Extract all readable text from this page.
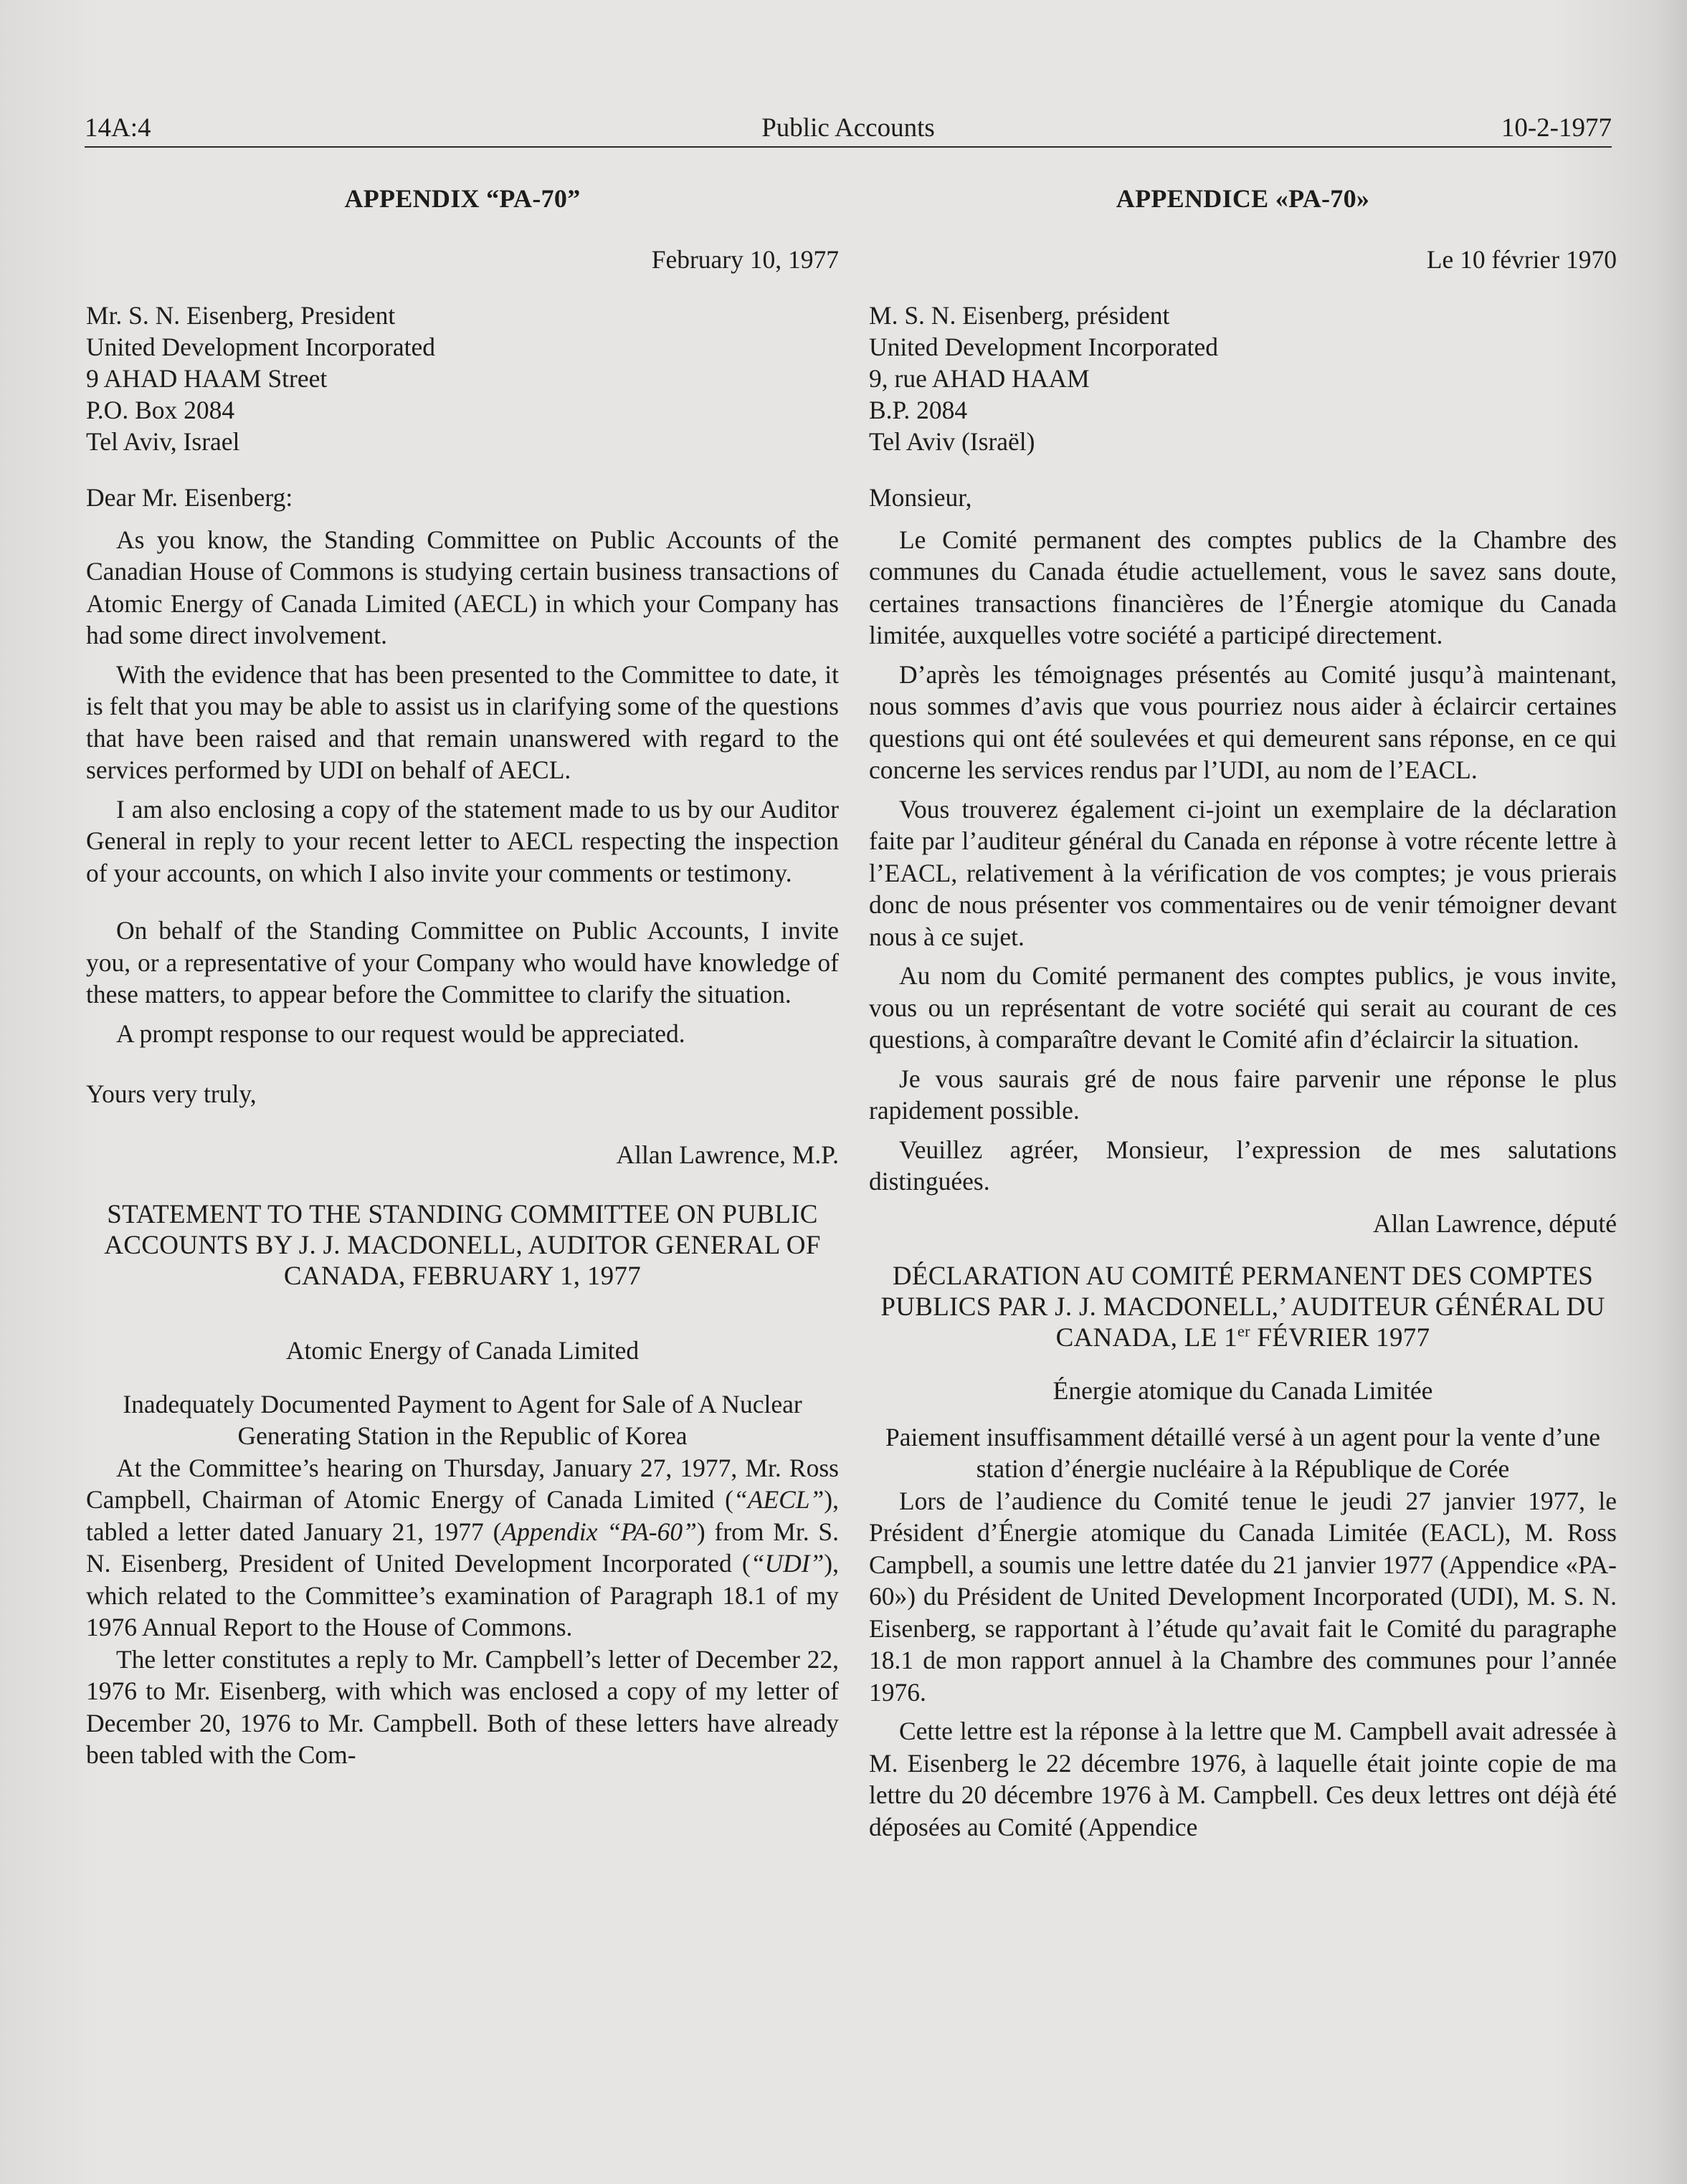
14A:4	Public Accounts	10-2-1977
APPENDIX “PA-70”
February 10, 1977
Mr. S. N. Eisenberg, President
United Development Incorporated
9 AHAD HAAM Street
P.O. Box 2084
Tel Aviv, Israel
Dear Mr. Eisenberg:

As you know, the Standing Committee on Public Accounts of the Canadian House of Commons is studying certain business transactions of Atomic Energy of Canada Limited (AECL) in which your Company has had some direct involvement.

With the evidence that has been presented to the Committee to date, it is felt that you may be able to assist us in clarifying some of the questions that have been raised and that remain unanswered with regard to the services performed by UDI on behalf of AECL.

I am also enclosing a copy of the statement made to us by our Auditor General in reply to your recent letter to AECL respecting the inspection of your accounts, on which I also invite your comments or testimony.

On behalf of the Standing Committee on Public Accounts, I invite you, or a representative of your Company who would have knowledge of these matters, to appear before the Committee to clarify the situation.

A prompt response to our request would be appreciated.

Yours very truly,
Allan Lawrence, M.P.
STATEMENT TO THE STANDING COMMITTEE ON PUBLIC ACCOUNTS BY J. J. MACDONELL, AUDITOR GENERAL OF CANADA, FEBRUARY 1, 1977
Atomic Energy of Canada Limited
Inadequately Documented Payment to Agent for Sale of A Nuclear Generating Station in the Republic of Korea

At the Committee’s hearing on Thursday, January 27, 1977, Mr. Ross Campbell, Chairman of Atomic Energy of Canada Limited (“AECL”), tabled a letter dated January 21, 1977 (Appendix “PA-60”) from Mr. S. N. Eisenberg, President of United Development Incorporated (“UDI”), which related to the Committee’s examination of Paragraph 18.1 of my 1976 Annual Report to the House of Commons.

The letter constitutes a reply to Mr. Campbell’s letter of December 22, 1976 to Mr. Eisenberg, with which was enclosed a copy of my letter of December 20, 1976 to Mr. Campbell. Both of these letters have already been tabled with the Com-

APPENDICE «PA-70»
Le 10 février 1970
M. S. N. Eisenberg, président
United Development Incorporated
9, rue AHAD HAAM
B.P. 2084
Tel Aviv (Israël)
Monsieur,

Le Comité permanent des comptes publics de la Chambre des communes du Canada étudie actuellement, vous le savez sans doute, certaines transactions financières de l’Énergie atomique du Canada limitée, auxquelles votre société a participé directement.

D’après les témoignages présentés au Comité jusqu’à maintenant, nous sommes d’avis que vous pourriez nous aider à éclaircir certaines questions qui ont été soulevées et qui demeurent sans réponse, en ce qui concerne les services rendus par l’UDI, au nom de l’EACL.

Vous trouverez également ci-joint un exemplaire de la déclaration faite par l’auditeur général du Canada en réponse à votre récente lettre à l’EACL, relativement à la vérification de vos comptes; je vous prierais donc de nous présenter vos commentaires ou de venir témoigner devant nous à ce sujet.

Au nom du Comité permanent des comptes publics, je vous invite, vous ou un représentant de votre société qui serait au courant de ces questions, à comparaître devant le Comité afin d’éclaircir la situation.

Je vous saurais gré de nous faire parvenir une réponse le plus rapidement possible.

Veuillez agréer, Monsieur, l’expression de mes salutations distinguées.

Allan Lawrence, député
DÉCLARATION AU COMITÉ PERMANENT DES COMPTES PUBLICS PAR J. J. MACDONELL,’ AUDITEUR GÉNÉRAL DU CANADA, LE 1er FÉVRIER 1977
Énergie atomique du Canada Limitée
Paiement insuffisamment détaillé versé à un agent pour la vente d’une station d’énergie nucléaire à la République de Corée

Lors de l’audience du Comité tenue le jeudi 27 janvier 1977, le Président d’Énergie atomique du Canada Limitée (EACL), M. Ross Campbell, a soumis une lettre datée du 21 janvier 1977 (Appendice «PA-60») du Président de United Development Incorporated (UDI), M. S. N. Eisenberg, se rapportant à l’étude qu’avait fait le Comité du paragraphe 18.1 de mon rapport annuel à la Chambre des communes pour l’année 1976.

Cette lettre est la réponse à la lettre que M. Campbell avait adressée à M. Eisenberg le 22 décembre 1976, à laquelle était jointe copie de ma lettre du 20 décembre 1976 à M. Campbell. Ces deux lettres ont déjà été déposées au Comité (Appendice
